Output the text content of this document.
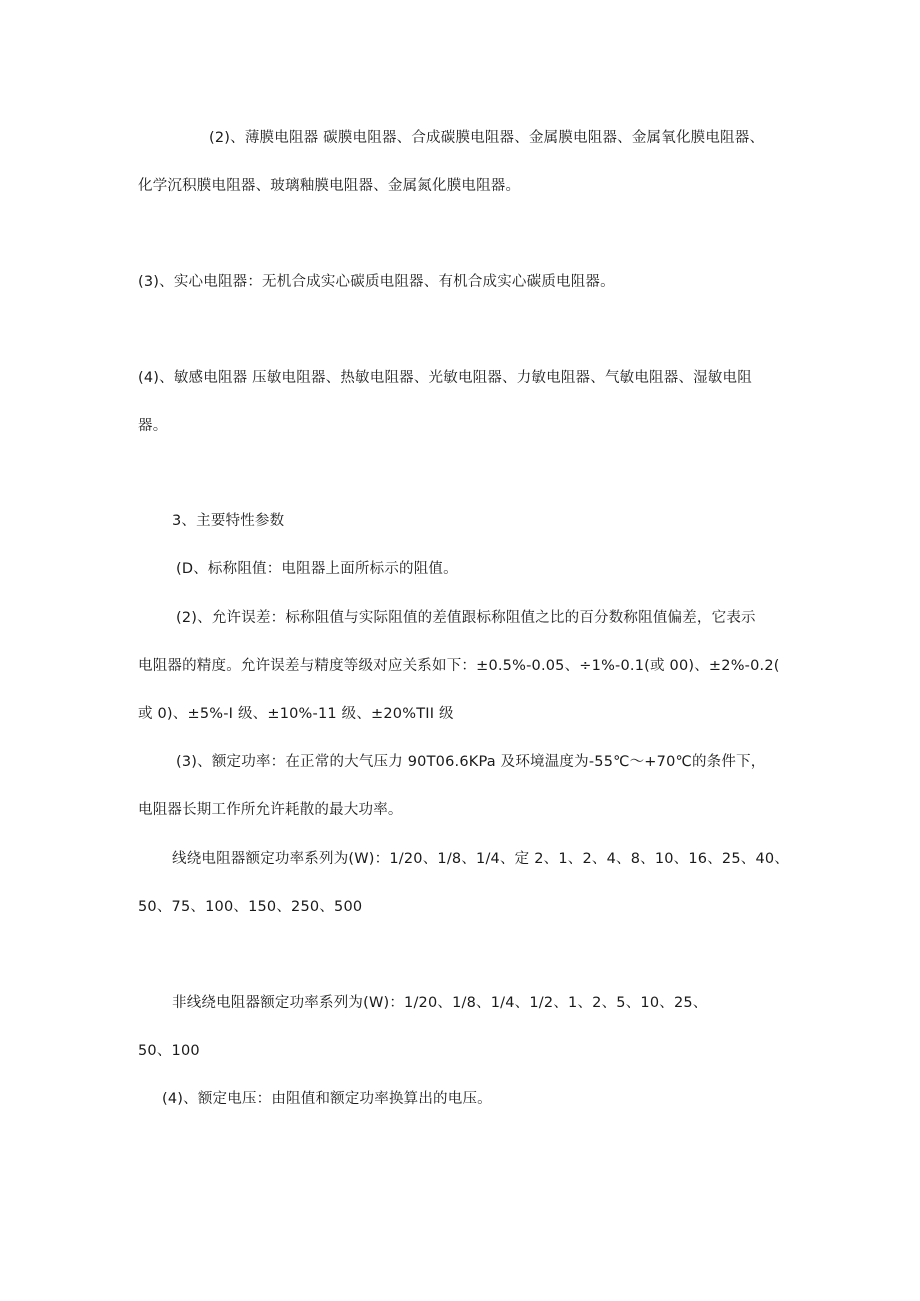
(2)、薄膜电阻器 碳膜电阻器、合成碳膜电阻器、金属膜电阻器、金属氧化膜电阻器、
化学沉积膜电阻器、玻璃釉膜电阻器、金属氮化膜电阻器。
(3)、实心电阻器：无机合成实心碳质电阻器、有机合成实心碳质电阻器。
(4)、敏感电阻器 压敏电阻器、热敏电阻器、光敏电阻器、力敏电阻器、气敏电阻器、湿敏电阻
器。
3、主要特性参数
(D、标称阻值：电阻器上面所标示的阻值。
(2)、允许误差：标称阻值与实际阻值的差值跟标称阻值之比的百分数称阻值偏差，它表示
电阻器的精度。允许误差与精度等级对应关系如下：±0.5%-0.05、÷1%-0.1(或 00)、±2%-0.2(
或 0)、±5%-I 级、±10%-11 级、±20%TII 级
(3)、额定功率：在正常的大气压力 90T06.6KPa 及环境温度为-55℃～+70℃的条件下，
电阻器长期工作所允许耗散的最大功率。
线绕电阻器额定功率系列为(W)：1/20、1/8、1/4、定 2、1、2、4、8、10、16、25、40、
50、75、100、150、250、500
非线绕电阻器额定功率系列为(W)：1/20、1/8、1/4、1/2、1、2、5、10、25、
50、100
(4)、额定电压：由阻值和额定功率换算出的电压。
